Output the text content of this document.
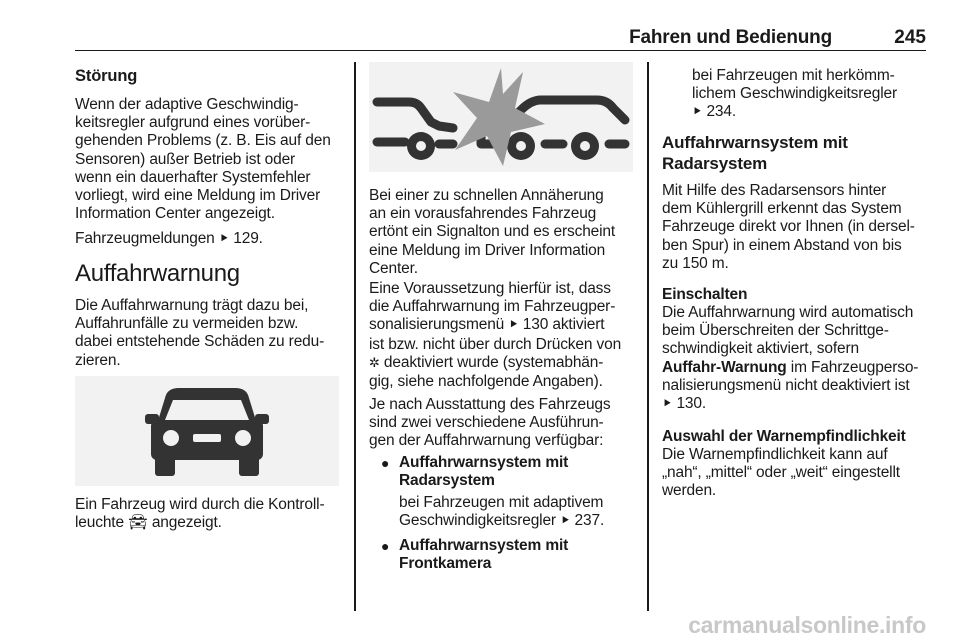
Fahren und Bedienung	245

Störung

Wenn der adaptive Geschwindig-
keitsregler aufgrund eines vorüber-
gehenden Problems (z. B. Eis auf den
Sensoren) außer Betrieb ist oder
wenn ein dauerhafter Systemfehler
vorliegt, wird eine Meldung im Driver
Information Center angezeigt.

Fahrzeugmeldungen ⯈ 129.

Auffahrwarnung

Die Auffahrwarnung trägt dazu bei,
Auffahrunfälle zu vermeiden bzw.
dabei entstehende Schäden zu redu-
zieren.

Ein Fahrzeug wird durch die Kontroll-
leuchte 🚘︎ angezeigt.

Bei einer zu schnellen Annäherung
an ein vorausfahrendes Fahrzeug
ertönt ein Signalton und es erscheint
eine Meldung im Driver Information
Center.

Eine Voraussetzung hierfür ist, dass
die Auffahrwarnung im Fahrzeugper-
sonalisierungsmenü ⯈ 130 aktiviert
ist bzw. nicht über durch Drücken von
✲ deaktiviert wurde (systemabhän-
gig, siehe nachfolgende Angaben).

Je nach Ausstattung des Fahrzeugs
sind zwei verschiedene Ausführun-
gen der Auffahrwarnung verfügbar:

● Auffahrwarnsystem mit
Radarsystem

bei Fahrzeugen mit adaptivem
Geschwindigkeitsregler ⯈ 237.

● Auffahrwarnsystem mit
Frontkamera

bei Fahrzeugen mit herkömm-
lichem Geschwindigkeitsregler
⯈ 234.

Auffahrwarnsystem mit
Radarsystem

Mit Hilfe des Radarsensors hinter
dem Kühlergrill erkennt das System
Fahrzeuge direkt vor Ihnen (in dersel-
ben Spur) in einem Abstand von bis
zu 150 m.

Einschalten

Die Auffahrwarnung wird automatisch
beim Überschreiten der Schrittge-
schwindigkeit aktiviert, sofern
Auffahr-Warnung im Fahrzeugperso-
nalisierungsmenü nicht deaktiviert ist
⯈ 130.

Auswahl der Warnempfindlichkeit

Die Warnempfindlichkeit kann auf
„nah“, „mittel“ oder „weit“ eingestellt
werden.

carmanualsonline.info
